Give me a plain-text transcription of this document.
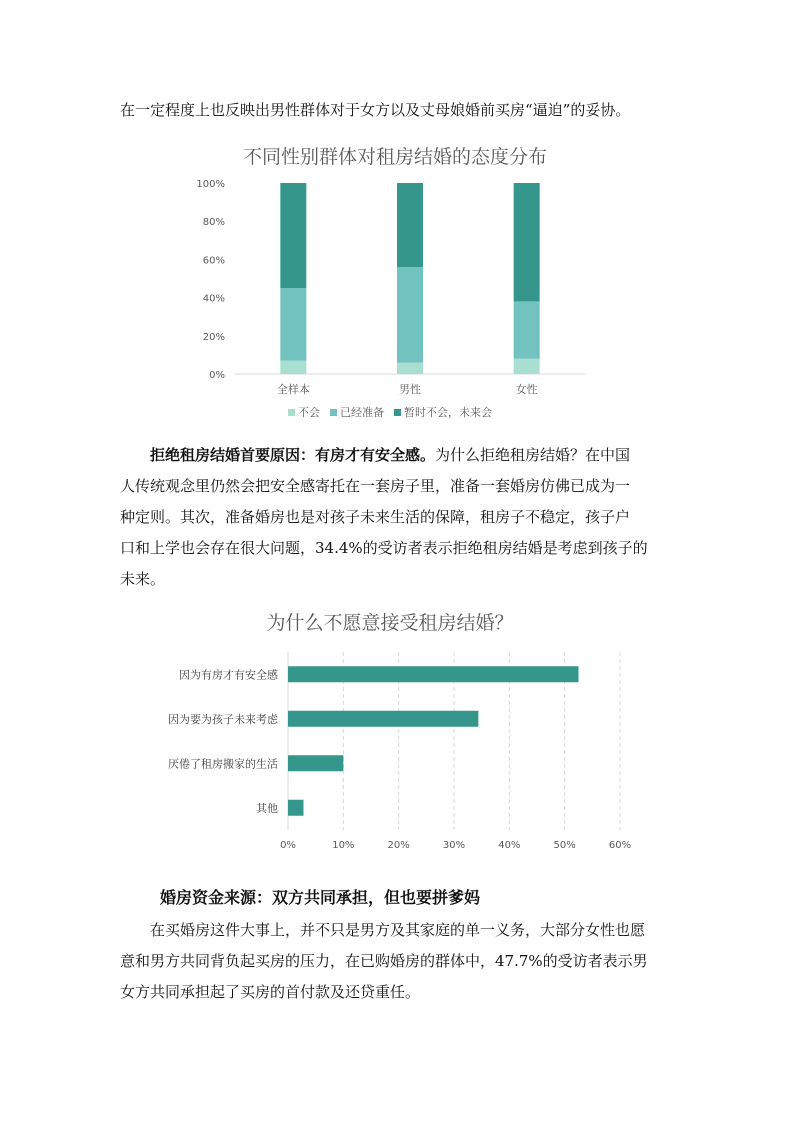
在一定程度上也反映出男性群体对于女方以及丈母娘婚前买房“逼迫”的妥协。

不同性别群体对租房结婚的态度分布
0%
20%
40%
60%
80%
100%
全样本	男性	女性
不会 已经准备 暂时不会，未来会

拒绝租房结婚首要原因：有房才有安全感。为什么拒绝租房结婚？在中国
人传统观念里仍然会把安全感寄托在一套房子里，准备一套婚房仿佛已成为一
种定则。其次，准备婚房也是对孩子未来生活的保障，租房子不稳定，孩子户
口和上学也会存在很大问题，34.4%的受访者表示拒绝租房结婚是考虑到孩子的
未来。

为什么不愿意接受租房结婚？
0%	10%	20%	30%	40%	50%	60%
因为有房才有安全感
因为要为孩子未来考虑
厌倦了租房搬家的生活
其他

婚房资金来源：双方共同承担，但也要拼爹妈

在买婚房这件大事上，并不只是男方及其家庭的单一义务，大部分女性也愿
意和男方共同背负起买房的压力，在已购婚房的群体中，47.7%的受访者表示男
女方共同承担起了买房的首付款及还贷重任。
